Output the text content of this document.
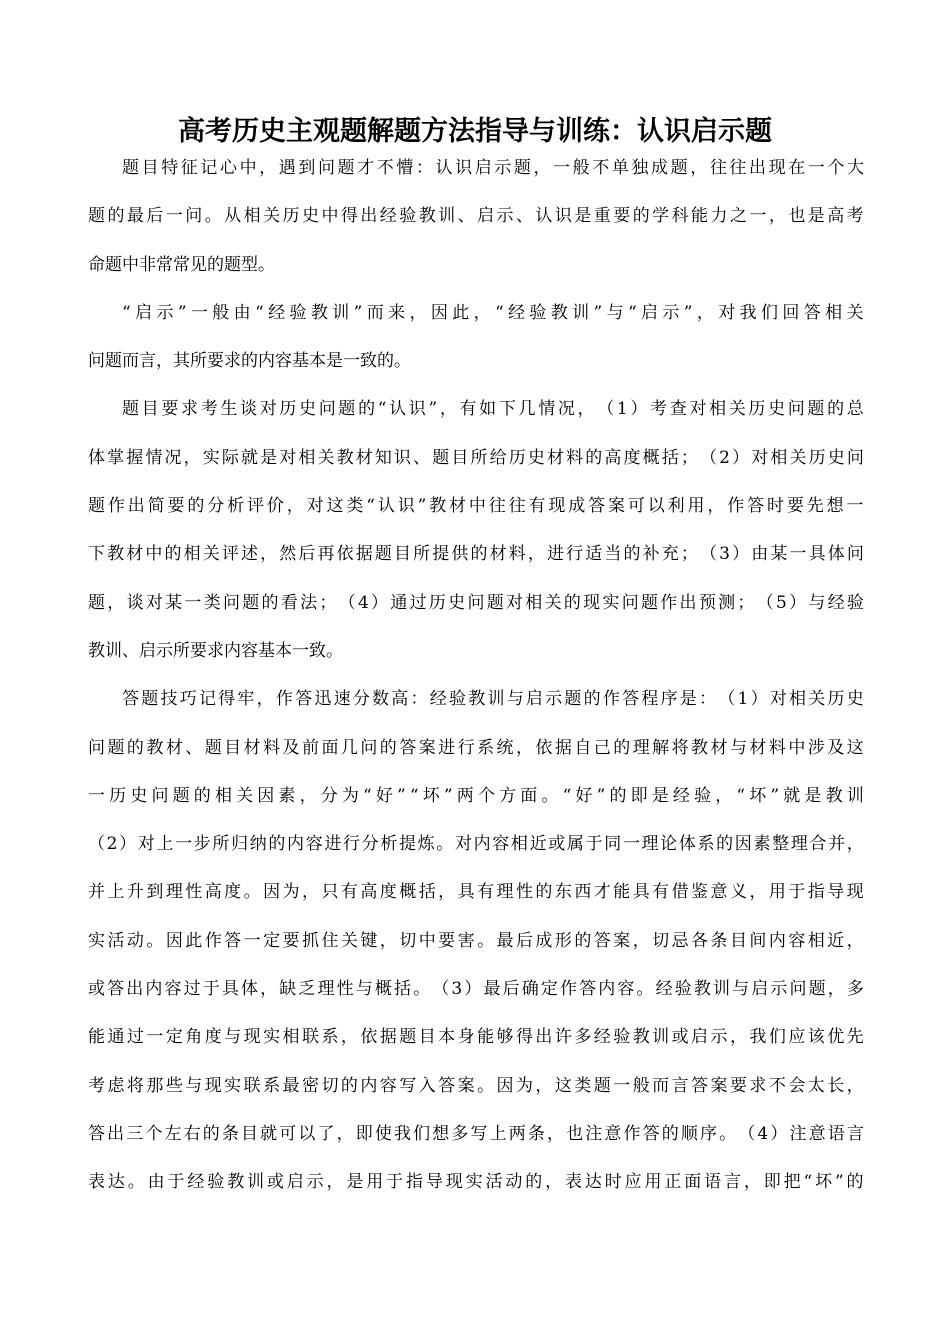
高考历史主观题解题方法指导与训练：认识启示题
题 目 特 征 记 心 中 ， 遇 到 问 题 才 不 懵 ： 认 识 启 示 题 ， 一 般 不 单 独 成 题 ， 往 往 出 现 在 一 个 大
题 的 最 后 一 问 。 从 相 关 历 史 中 得 出 经 验 教 训 、 启 示 、 认 识 是 重 要 的 学 科 能 力 之 一 ， 也 是 高 考
命题中非常常见的题型。
“ 启 示 ” 一 般 由 “ 经 验 教 训 ” 而 来 ， 因 此 ， “ 经 验 教 训 ” 与 “ 启 示 ” ， 对 我 们 回 答 相 关
问题而言，其所要求的内容基本是一致的。
题 目 要 求 考 生 谈 对 历 史 问 题 的 “ 认 识 ” ， 有 如 下 几 情 况 ， （ 1 ） 考 查 对 相 关 历 史 问 题 的 总
体 掌 握 情 况 ， 实 际 就 是 对 相 关 教 材 知 识 、 题 目 所 给 历 史 材 料 的 高 度 概 括 ； （ 2 ） 对 相 关 历 史 问
题 作 出 简 要 的 分 析 评 价 ， 对 这 类 “ 认 识 ” 教 材 中 往 往 有 现 成 答 案 可 以 利 用 ， 作 答 时 要 先 想 一
下 教 材 中 的 相 关 评 述 ， 然 后 再 依 据 题 目 所 提 供 的 材 料 ， 进 行 适 当 的 补 充 ； （ 3 ） 由 某 一 具 体 问
题 ， 谈 对 某 一 类 问 题 的 看 法 ； （ 4 ） 通 过 历 史 问 题 对 相 关 的 现 实 问 题 作 出 预 测 ； （ 5 ） 与 经 验
教训、启示所要求内容基本一致。
答 题 技 巧 记 得 牢 ， 作 答 迅 速 分 数 高 ： 经 验 教 训 与 启 示 题 的 作 答 程 序 是 ： （ 1 ） 对 相 关 历 史
问 题 的 教 材 、 题 目 材 料 及 前 面 几 问 的 答 案 进 行 系 统 ， 依 据 自 己 的 理 解 将 教 材 与 材 料 中 涉 及 这
一 历 史 问 题 的 相 关 因 素 ， 分 为 “ 好 ” “ 坏 ” 两 个 方 面 。 “ 好 ” 的 即 是 经 验 ， “ 坏 ” 就 是 教 训
（ 2 ） 对 上 一 步 所 归 纳 的 内 容 进 行 分 析 提 炼 。 对 内 容 相 近 或 属 于 同 一 理 论 体 系 的 因 素 整 理 合 并 ，
并 上 升 到 理 性 高 度 。 因 为 ， 只 有 高 度 概 括 ， 具 有 理 性 的 东 西 才 能 具 有 借 鉴 意 义 ， 用 于 指 导 现
实 活 动 。 因 此 作 答 一 定 要 抓 住 关 键 ， 切 中 要 害 。 最 后 成 形 的 答 案 ， 切 忌 各 条 目 间 内 容 相 近 ，
或 答 出 内 容 过 于 具 体 ， 缺 乏 理 性 与 概 括 。 （ 3 ） 最 后 确 定 作 答 内 容 。 经 验 教 训 与 启 示 问 题 ， 多
能 通 过 一 定 角 度 与 现 实 相 联 系 ， 依 据 题 目 本 身 能 够 得 出 许 多 经 验 教 训 或 启 示 ， 我 们 应 该 优 先
考 虑 将 那 些 与 现 实 联 系 最 密 切 的 内 容 写 入 答 案 。 因 为 ， 这 类 题 一 般 而 言 答 案 要 求 不 会 太 长 ，
答 出 三 个 左 右 的 条 目 就 可 以 了 ， 即 使 我 们 想 多 写 上 两 条 ， 也 注 意 作 答 的 顺 序 。 （ 4 ） 注 意 语 言
表 达 。 由 于 经 验 教 训 或 启 示 ， 是 用 于 指 导 现 实 活 动 的 ， 表 达 时 应 用 正 面 语 言 ， 即 把 “ 坏 ” 的
